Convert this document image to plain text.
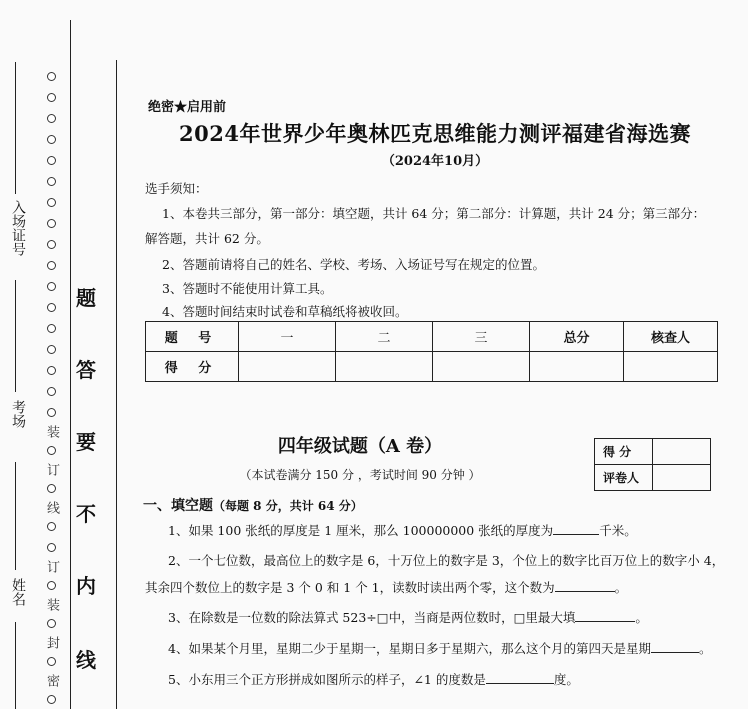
入场证号
考场
姓名
装
订
线
订
装
封
密
题
答
要
不
内
线
绝密★启用前
2024年世界少年奥林匹克思维能力测评福建省海选赛
（2024年10月）
选手须知：
1、本卷共三部分，第一部分：填空题，共计 64 分；第二部分：计算题，共计 24 分；第三部分：
解答题，共计 62 分。
2、答题前请将自己的姓名、学校、考场、入场证号写在规定的位置。
3、答题时不能使用计算工具。
4、答题时间结束时试卷和草稿纸将被收回。
题 号	一	二	三	总分	核查人
得 分					
四年级试题（A 卷）
（本试卷满分 150 分 ，考试时间 90 分钟 ）
得 分	
评卷人	
一、填空题（每题 8 分，共计 64 分）
1、如果 100 张纸的厚度是 1 厘米，那么 100000000 张纸的厚度为	千米。
2、一个七位数，最高位上的数字是 6，十万位上的数字是 3，个位上的数字比百万位上的数字小 4，
其余四个数位上的数字是 3 个 0 和 1 个 1，读数时读出两个零，这个数为	。
3、在除数是一位数的除法算式 523÷□中，当商是两位数时，□里最大填	。
4、如果某个月里，星期二少于星期一，星期日多于星期六，那么这个月的第四天是星期	。
5、小东用三个正方形拼成如图所示的样子，∠1 的度数是	度。
